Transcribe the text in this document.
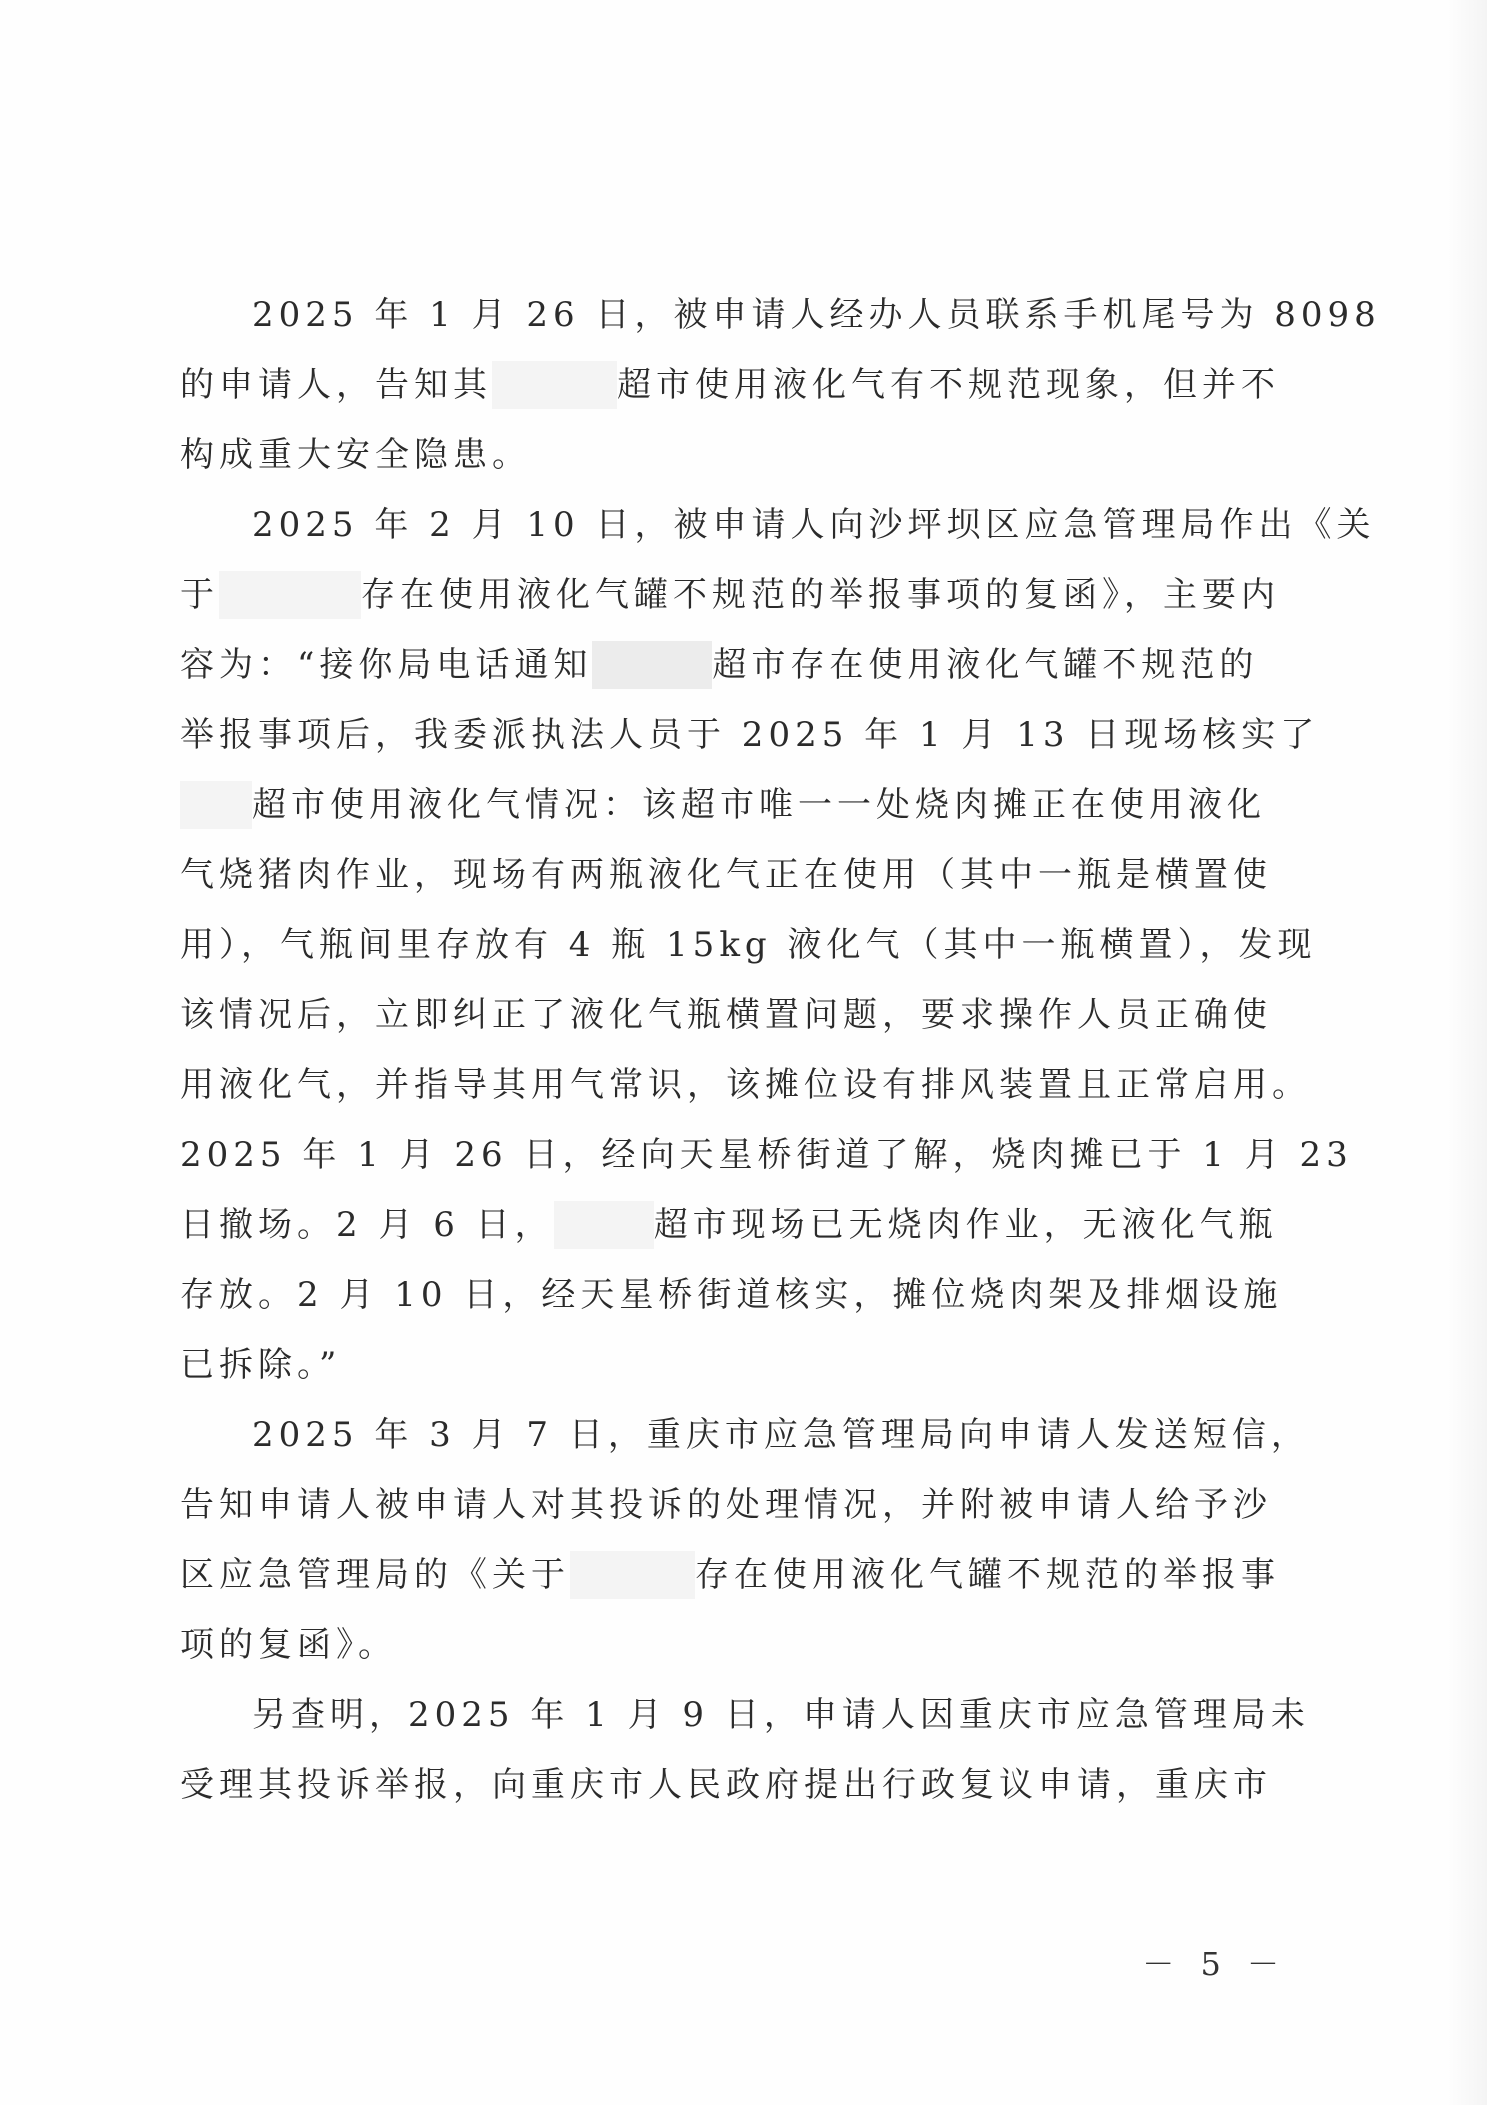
2025 年 1 月 26 日，被申请人经办人员联系手机尾号为 8098
的申请人，告知其	超市使用液化气有不规范现象，但并不
构成重大安全隐患。
2025 年 2 月 10 日，被申请人向沙坪坝区应急管理局作出《关
于	存在使用液化气罐不规范的举报事项的复函》，主要内
容为：“接你局电话通知	超市存在使用液化气罐不规范的
举报事项后，我委派执法人员于 2025 年 1 月 13 日现场核实了
超市使用液化气情况：该超市唯一一处烧肉摊正在使用液化
气烧猪肉作业，现场有两瓶液化气正在使用（其中一瓶是横置使
用），气瓶间里存放有 4 瓶 15kg 液化气（其中一瓶横置），发现
该情况后，立即纠正了液化气瓶横置问题，要求操作人员正确使
用液化气，并指导其用气常识，该摊位设有排风装置且正常启用。
2025 年 1 月 26 日，经向天星桥街道了解，烧肉摊已于 1 月 23
日撤场。2 月 6 日，	超市现场已无烧肉作业，无液化气瓶
存放。2 月 10 日，经天星桥街道核实，摊位烧肉架及排烟设施
已拆除。”
2025 年 3 月 7 日，重庆市应急管理局向申请人发送短信，
告知申请人被申请人对其投诉的处理情况，并附被申请人给予沙
区应急管理局的《关于	存在使用液化气罐不规范的举报事
项的复函》。
另查明，2025 年 1 月 9 日，申请人因重庆市应急管理局未
受理其投诉举报，向重庆市人民政府提出行政复议申请，重庆市
－ 5 －
